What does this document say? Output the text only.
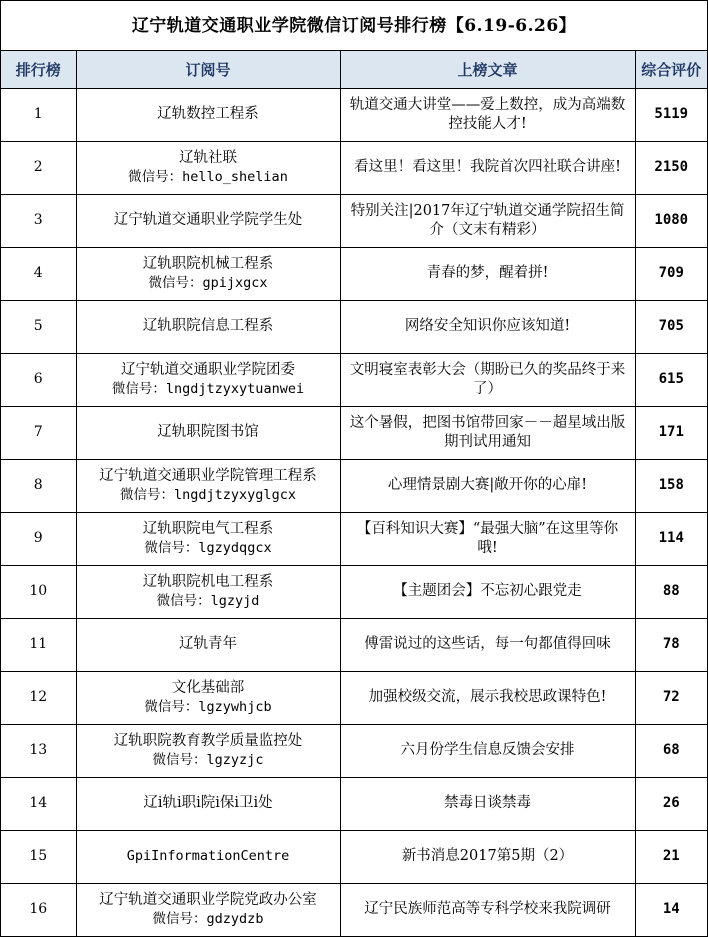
辽宁轨道交通职业学院微信订阅号排行榜【6.19-6.26】
排行榜	订阅号	上榜文章	综合评价
1	辽轨数控工程系	轨道交通大讲堂——爱上数控，成为高端数控技能人才!	5119
2	辽轨社联
微信号：hello_shelian	看这里！看这里！我院首次四社联合讲座!	2150
3	辽宁轨道交通职业学院学生处	特别关注|2017年辽宁轨道交通学院招生简介（文末有精彩）	1080
4	辽轨职院机械工程系
微信号：gpijxgcx	青春的梦，醒着拼!	709
5	辽轨职院信息工程系	网络安全知识你应该知道!	705
6	辽宁轨道交通职业学院团委
微信号：lngdjtzyxytuanwei	文明寝室表彰大会（期盼已久的奖品终于来了）	615
7	辽轨职院图书馆	这个暑假，把图书馆带回家－－超星域出版期刊试用通知	171
8	辽宁轨道交通职业学院管理工程系
微信号：lngdjtzyxyglgcx	心理情景剧大赛|敞开你的心扉!	158
9	辽轨职院电气工程系
微信号：lgzydqgcx	【百科知识大赛】“最强大脑”在这里等你哦!	114
10	辽轨职院机电工程系
微信号：lgzyjd	【主题团会】不忘初心跟党走	88
11	辽轨青年	傅雷说过的这些话，每一句都值得回味	78
12	文化基础部
微信号：lgzywhjcb	加强校级交流，展示我校思政课特色!	72
13	辽轨职院教育教学质量监控处
微信号：lgzyzjc	六月份学生信息反馈会安排	68
14	辽i轨i职i院i保i卫i处	禁毒日谈禁毒	26
15	GpiInformationCentre	新书消息2017第5期（2）	21
16	辽宁轨道交通职业学院党政办公室
微信号：gdzydzb	辽宁民族师范高等专科学校来我院调研	14
